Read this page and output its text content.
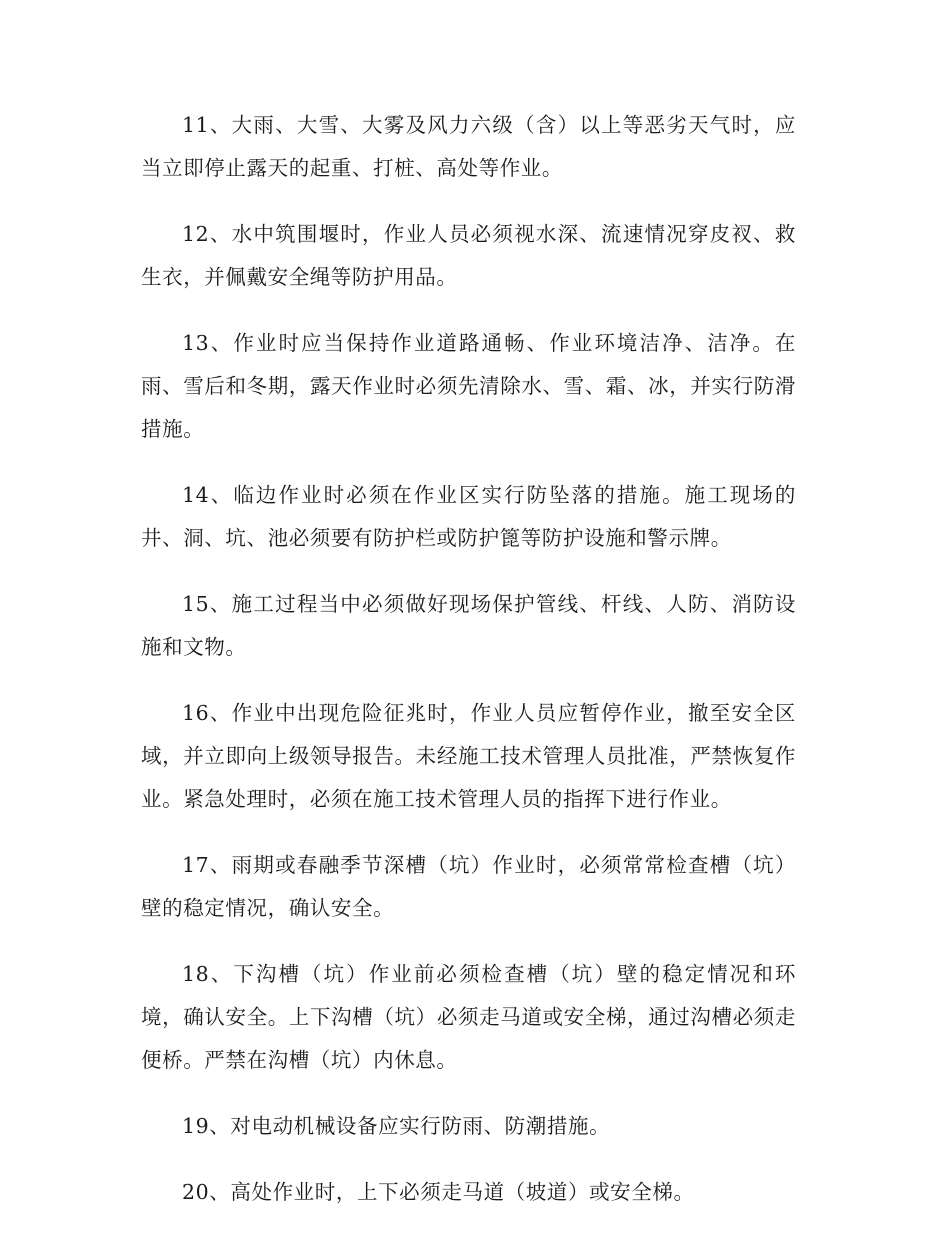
11、大雨、大雪、大雾及风力六级（含）以上等恶劣天气时，应当立即停止露天的起重、打桩、高处等作业。

12、水中筑围堰时，作业人员必须视水深、流速情况穿皮衩、救生衣，并佩戴安全绳等防护用品。

13、作业时应当保持作业道路通畅、作业环境洁净、洁净。在雨、雪后和冬期，露天作业时必须先清除水、雪、霜、冰，并实行防滑措施。

14、临边作业时必须在作业区实行防坠落的措施。施工现场的井、洞、坑、池必须要有防护栏或防护篦等防护设施和警示牌。

15、施工过程当中必须做好现场保护管线、杆线、人防、消防设施和文物。

16、作业中出现危险征兆时，作业人员应暂停作业，撤至安全区域，并立即向上级领导报告。未经施工技术管理人员批准，严禁恢复作业。紧急处理时，必须在施工技术管理人员的指挥下进行作业。

17、雨期或春融季节深槽（坑）作业时，必须常常检查槽（坑）壁的稳定情况，确认安全。

18、下沟槽（坑）作业前必须检查槽（坑）壁的稳定情况和环境，确认安全。上下沟槽（坑）必须走马道或安全梯，通过沟槽必须走便桥。严禁在沟槽（坑）内休息。

19、对电动机械设备应实行防雨、防潮措施。

20、高处作业时，上下必须走马道（坡道）或安全梯。
